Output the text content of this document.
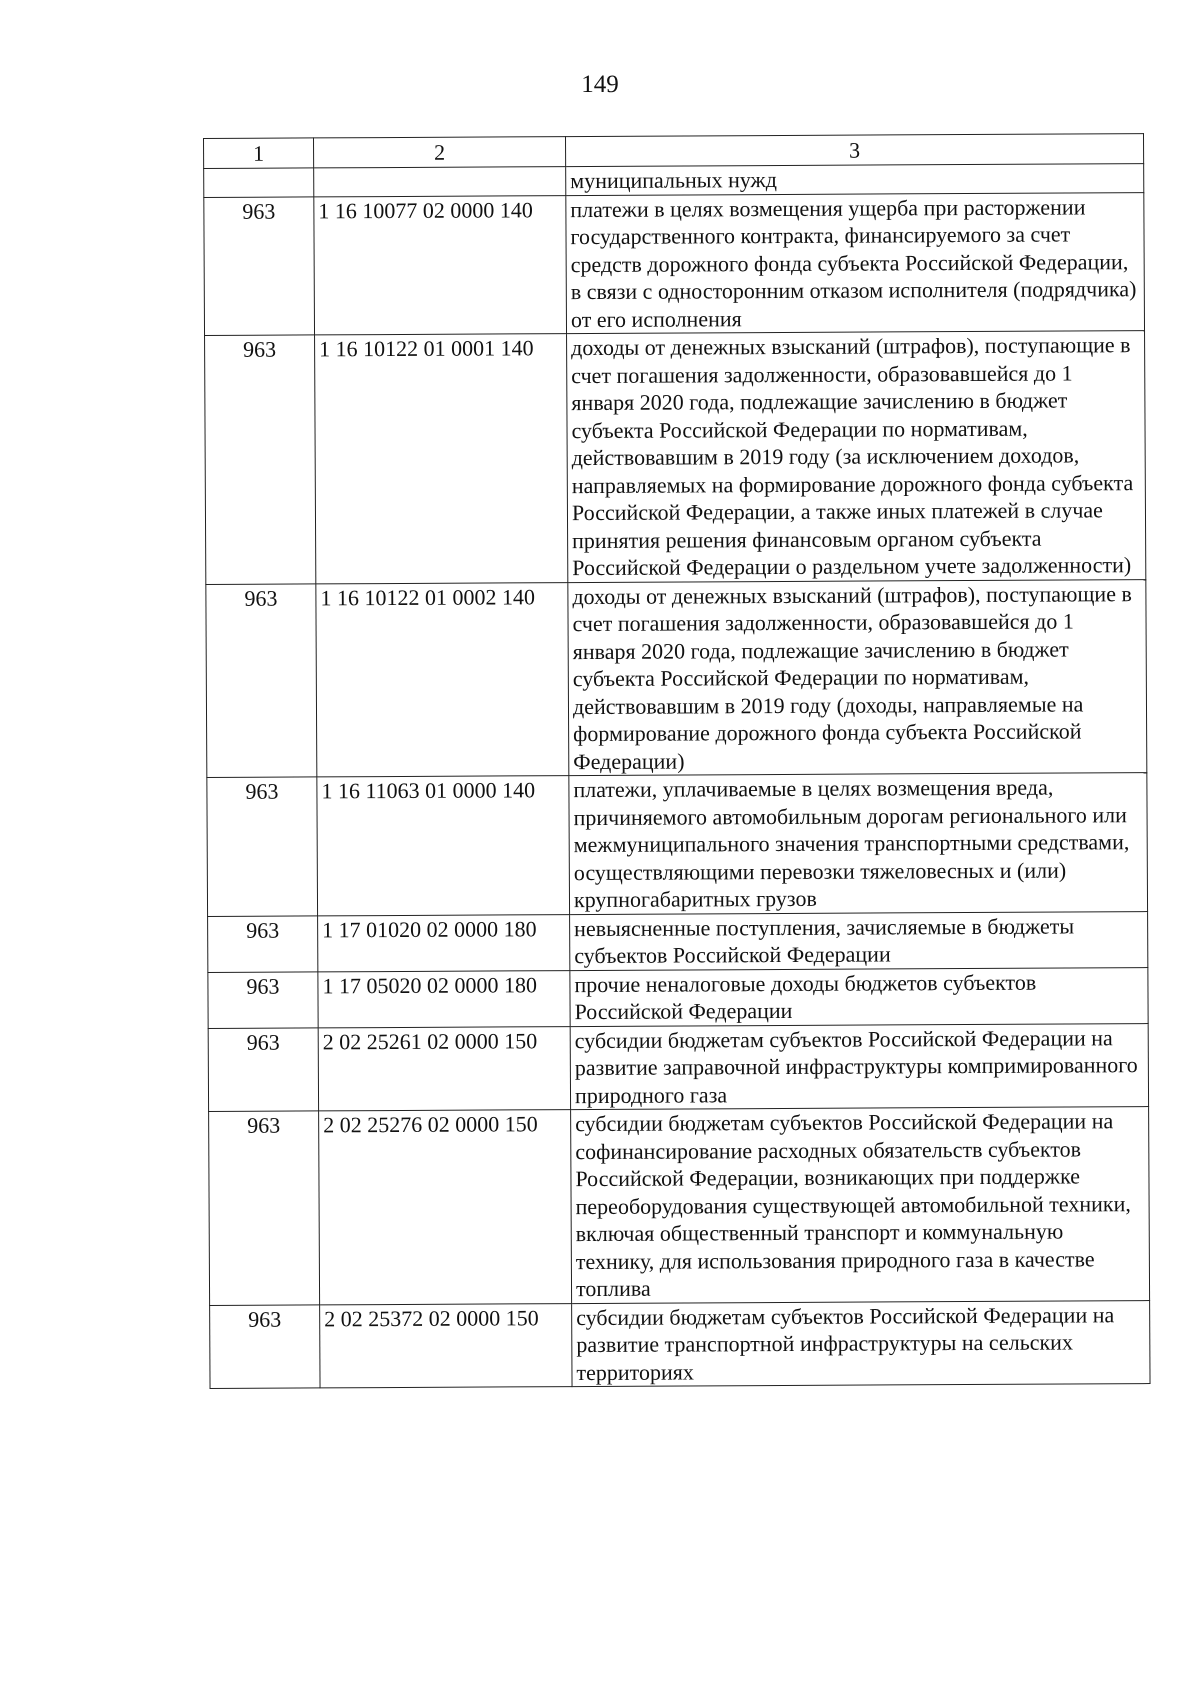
149
1	2	3
		муниципальных нужд
963	1 16 10077 02 0000 140	платежи в целях возмещения ущерба при расторжении государственного контракта, финансируемого за счет средств дорожного фонда субъекта Российской Федерации, в связи с односторонним отказом исполнителя (подрядчика) от его исполнения
963	1 16 10122 01 0001 140	доходы от денежных взысканий (штрафов), поступающие в счет погашения задолженности, образовавшейся до 1 января 2020 года, подлежащие зачислению в бюджет субъекта Российской Федерации по нормативам, действовавшим в 2019 году (за исключением доходов, направляемых на формирование дорожного фонда субъекта Российской Федерации, а также иных платежей в случае принятия решения финансовым органом субъекта Российской Федерации о раздельном учете задолженности)
963	1 16 10122 01 0002 140	доходы от денежных взысканий (штрафов), поступающие в счет погашения задолженности, образовавшейся до 1 января 2020 года, подлежащие зачислению в бюджет субъекта Российской Федерации по нормативам, действовавшим в 2019 году (доходы, направляемые на формирование дорожного фонда субъекта Российской Федерации)
963	1 16 11063 01 0000 140	платежи, уплачиваемые в целях возмещения вреда, причиняемого автомобильным дорогам регионального или межмуниципального значения транспортными средствами, осуществляющими перевозки тяжеловесных и (или) крупногабаритных грузов
963	1 17 01020 02 0000 180	невыясненные поступления, зачисляемые в бюджеты субъектов Российской Федерации
963	1 17 05020 02 0000 180	прочие неналоговые доходы бюджетов субъектов Российской Федерации
963	2 02 25261 02 0000 150	субсидии бюджетам субъектов Российской Федерации на развитие заправочной инфраструктуры компримированного природного газа
963	2 02 25276 02 0000 150	субсидии бюджетам субъектов Российской Федерации на софинансирование расходных обязательств субъектов Российской Федерации, возникающих при поддержке переоборудования существующей автомобильной техники, включая общественный транспорт и коммунальную технику, для использования природного газа в качестве топлива
963	2 02 25372 02 0000 150	субсидии бюджетам субъектов Российской Федерации на развитие транспортной инфраструктуры на сельских территориях
